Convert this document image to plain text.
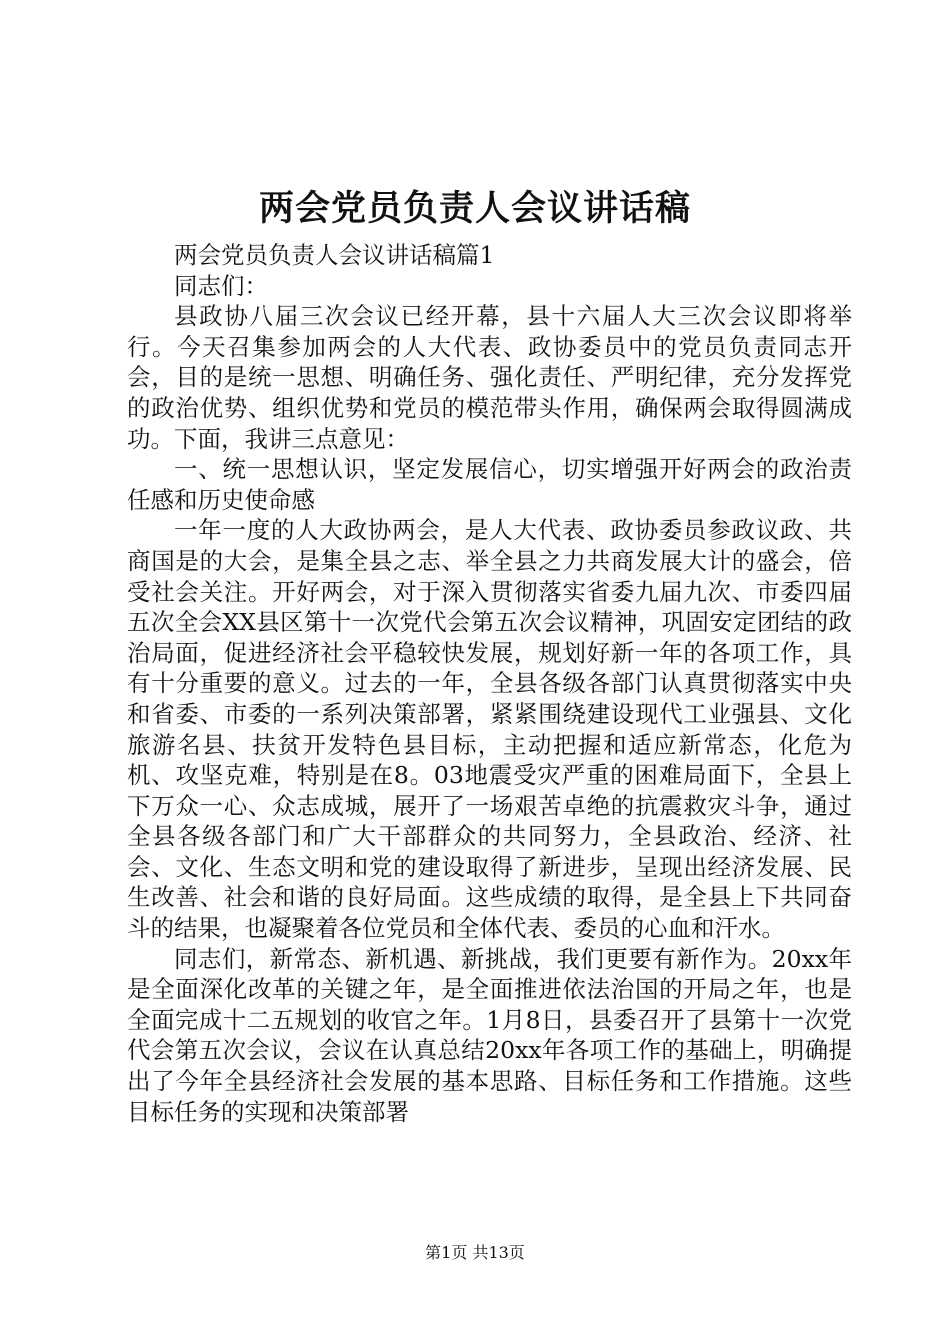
两会党员负责人会议讲话稿

两会党员负责人会议讲话稿篇1

同志们：

县政协八届三次会议已经开幕，县十六届人大三次会议即将举行。今天召集参加两会的人大代表、政协委员中的党员负责同志开会，目的是统一思想、明确任务、强化责任、严明纪律，充分发挥党的政治优势、组织优势和党员的模范带头作用，确保两会取得圆满成功。下面，我讲三点意见：

一、统一思想认识，坚定发展信心，切实增强开好两会的政治责任感和历史使命感

一年一度的人大政协两会，是人大代表、政协委员参政议政、共商国是的大会，是集全县之志、举全县之力共商发展大计的盛会，倍受社会关注。开好两会，对于深入贯彻落实省委九届九次、市委四届五次全会XX县区第十一次党代会第五次会议精神，巩固安定团结的政治局面，促进经济社会平稳较快发展，规划好新一年的各项工作，具有十分重要的意义。过去的一年，全县各级各部门认真贯彻落实中央和省委、市委的一系列决策部署，紧紧围绕建设现代工业强县、文化旅游名县、扶贫开发特色县目标，主动把握和适应新常态，化危为机、攻坚克难，特别是在8。03地震受灾严重的困难局面下，全县上下万众一心、众志成城，展开了一场艰苦卓绝的抗震救灾斗争，通过全县各级各部门和广大干部群众的共同努力，全县政治、经济、社会、文化、生态文明和党的建设取得了新进步，呈现出经济发展、民生改善、社会和谐的良好局面。这些成绩的取得，是全县上下共同奋斗的结果，也凝聚着各位党员和全体代表、委员的心血和汗水。

同志们，新常态、新机遇、新挑战，我们更要有新作为。20xx年是全面深化改革的关键之年，是全面推进依法治国的开局之年，也是全面完成十二五规划的收官之年。1月8日，县委召开了县第十一次党代会第五次会议，会议在认真总结20xx年各项工作的基础上，明确提出了今年全县经济社会发展的基本思路、目标任务和工作措施。这些目标任务的实现和决策部署

第1页 共13页
